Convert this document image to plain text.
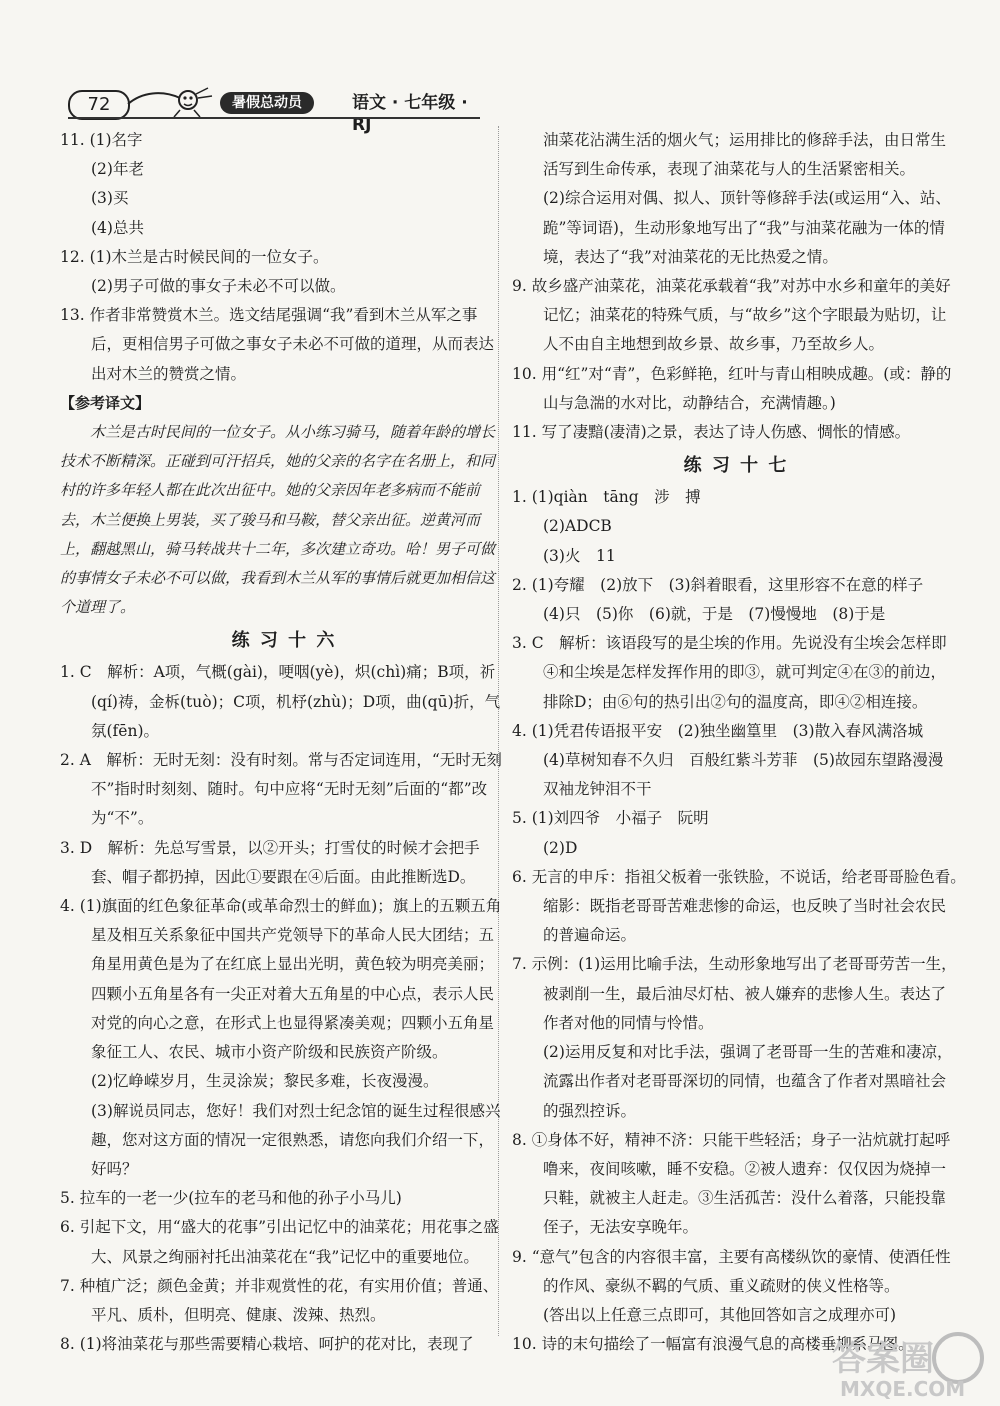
72	暑假总动员	语文 · 七年级 · RJ

11. (1)名字

(2)年老

(3)买

(4)总共

12. (1)木兰是古时候民间的一位女子。

(2)男子可做的事女子未必不可以做。

13. 作者非常赞赏木兰。选文结尾强调“我”看到木兰从军之事后，更相信男子可做之事女子未必不可做的道理，从而表达出对木兰的赞赏之情。

【参考译文】

木兰是古时民间的一位女子。从小练习骑马，随着年龄的增长技术不断精深。正碰到可汗招兵，她的父亲的名字在名册上，和同村的许多年轻人都在此次出征中。她的父亲因年老多病而不能前去，木兰便换上男装，买了骏马和马鞍，替父亲出征。逆黄河而上，翻越黑山，骑马转战共十二年，多次建立奇功。哈！男子可做的事情女子未必不可以做，我看到木兰从军的事情后就更加相信这个道理了。

练 习 十 六

1. C　解析：A项，气概(gài)，哽咽(yè)，炽(chì)痛；B项，祈(qí)祷，金柝(tuò)；C项，机杼(zhù)；D项，曲(qū)折，气氛(fēn)。

2. A　解析：无时无刻：没有时刻。常与否定词连用，“无时无刻不”指时时刻刻、随时。句中应将“无时无刻”后面的“都”改为“不”。

3. D　解析：先总写雪景，以②开头；打雪仗的时候才会把手套、帽子都扔掉，因此①要跟在④后面。由此推断选D。

4. (1)旗面的红色象征革命(或革命烈士的鲜血)；旗上的五颗五角星及相互关系象征中国共产党领导下的革命人民大团结；五角星用黄色是为了在红底上显出光明，黄色较为明亮美丽；四颗小五角星各有一尖正对着大五角星的中心点，表示人民对党的向心之意，在形式上也显得紧凑美观；四颗小五角星象征工人、农民、城市小资产阶级和民族资产阶级。

(2)忆峥嵘岁月，生灵涂炭；黎民多难，长夜漫漫。

(3)解说员同志，您好！我们对烈士纪念馆的诞生过程很感兴趣，您对这方面的情况一定很熟悉，请您向我们介绍一下，好吗？

5. 拉车的一老一少(拉车的老马和他的孙子小马儿)

6. 引起下文，用“盛大的花事”引出记忆中的油菜花；用花事之盛大、风景之绚丽衬托出油菜花在“我”记忆中的重要地位。

7. 种植广泛；颜色金黄；并非观赏性的花，有实用价值；普通、平凡、质朴，但明亮、健康、泼辣、热烈。

8. (1)将油菜花与那些需要精心栽培、呵护的花对比，表现了

油菜花沾满生活的烟火气；运用排比的修辞手法，由日常生活写到生命传承，表现了油菜花与人的生活紧密相关。

(2)综合运用对偶、拟人、顶针等修辞手法(或运用“入、站、跪”等词语)，生动形象地写出了“我”与油菜花融为一体的情境，表达了“我”对油菜花的无比热爱之情。

9. 故乡盛产油菜花，油菜花承载着“我”对苏中水乡和童年的美好记忆；油菜花的特殊气质，与“故乡”这个字眼最为贴切，让人不由自主地想到故乡景、故乡事，乃至故乡人。

10. 用“红”对“青”，色彩鲜艳，红叶与青山相映成趣。(或：静的山与急湍的水对比，动静结合，充满情趣。)

11. 写了凄黯(凄清)之景，表达了诗人伤感、惆怅的情感。

练 习 十 七

1. (1)qiàn　tāng　涉　搏

(2)ADCB

(3)火　11

2. (1)夸耀　(2)放下　(3)斜着眼看，这里形容不在意的样子　(4)只　(5)你　(6)就，于是　(7)慢慢地　(8)于是

3. C　解析：该语段写的是尘埃的作用。先说没有尘埃会怎样即④和尘埃是怎样发挥作用的即③，就可判定④在③的前边，排除D；由⑥句的热引出②句的温度高，即④②相连接。

4. (1)凭君传语报平安　(2)独坐幽篁里　(3)散入春风满洛城　(4)草树知春不久归　百般红紫斗芳菲　(5)故园东望路漫漫　双袖龙钟泪不干

5. (1)刘四爷　小福子　阮明

(2)D

6. 无言的申斥：指祖父板着一张铁脸，不说话，给老哥哥脸色看。　缩影：既指老哥哥苦难悲惨的命运，也反映了当时社会农民的普遍命运。

7. 示例：(1)运用比喻手法，生动形象地写出了老哥哥劳苦一生，被剥削一生，最后油尽灯枯、被人嫌弃的悲惨人生。表达了作者对他的同情与怜惜。

(2)运用反复和对比手法，强调了老哥哥一生的苦难和凄凉，流露出作者对老哥哥深切的同情，也蕴含了作者对黑暗社会的强烈控诉。

8. ①身体不好，精神不济：只能干些轻活；身子一沾炕就打起呼噜来，夜间咳嗽，睡不安稳。②被人遗弃：仅仅因为烧掉一只鞋，就被主人赶走。③生活孤苦：没什么着落，只能投靠侄子，无法安享晚年。

9. “意气”包含的内容很丰富，主要有高楼纵饮的豪情、使酒任性的作风、豪纵不羁的气质、重义疏财的侠义性格等。

(答出以上任意三点即可，其他回答如言之成理亦可)

10. 诗的末句描绘了一幅富有浪漫气息的高楼垂柳系马图。

答案圈
MXQE.COM
